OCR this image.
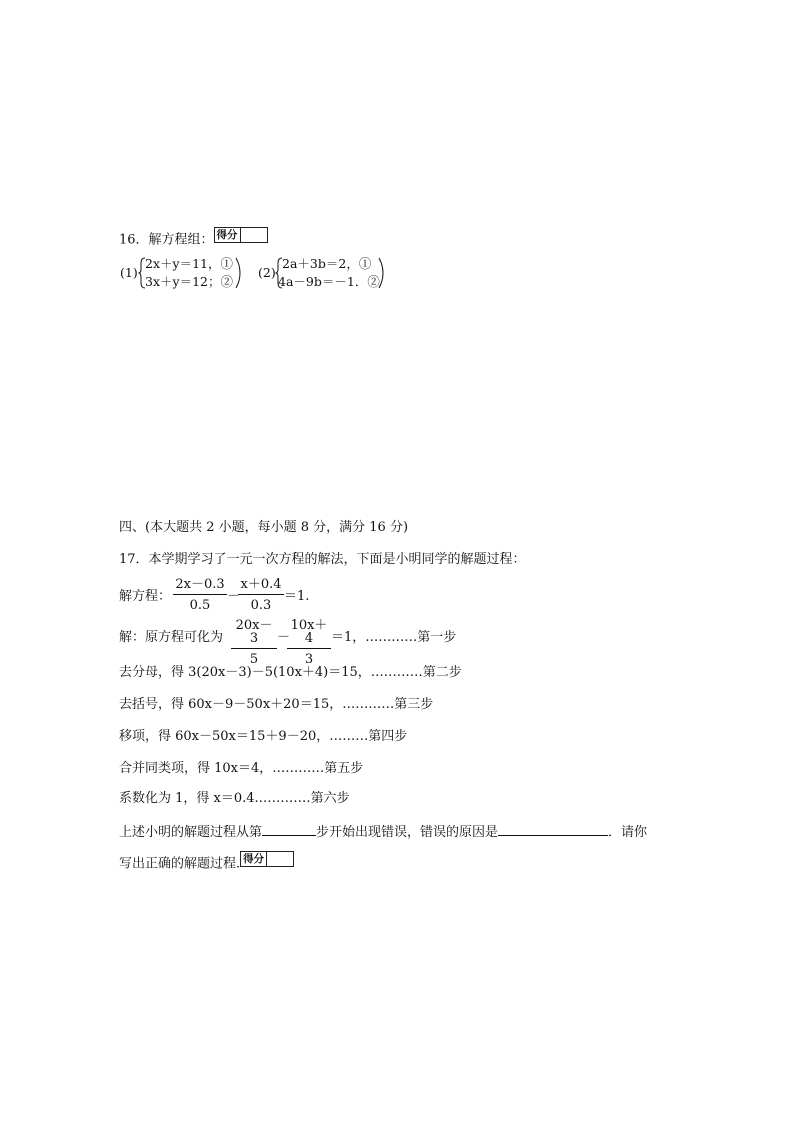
16．解方程组： 得分
(1)
2x＋y＝11，①
3x＋y＝12；②
(2)
2a＋3b＝2，①
4a－9b＝－1．②
四、(本大题共 2 小题，每小题 8 分，满分 16 分)
17．本学期学习了一元一次方程的解法，下面是小明同学的解题过程：
解方程： $\frac{2x-0.3}{0.5}$ －
$\frac{x+0.4}{0.3} =1$.
解：原方程可化为 $\frac{20x-3}{5}$ －
$\frac{10x+4}{3} =1$，…………第一步
去分母，得 3(20x－3)－5(10x＋4)＝15，…………第二步
去括号，得 60x－9－50x＋20＝15，…………第三步
移项，得 60x－50x＝15＋9－20，………第四步
合并同类项，得 10x＝4，…………第五步
系数化为 1，得 x＝0.4.…………第六步
上述小明的解题过程从第	步开始出现错误，错误的原因是	．请你
写出正确的解题过程. 得分
